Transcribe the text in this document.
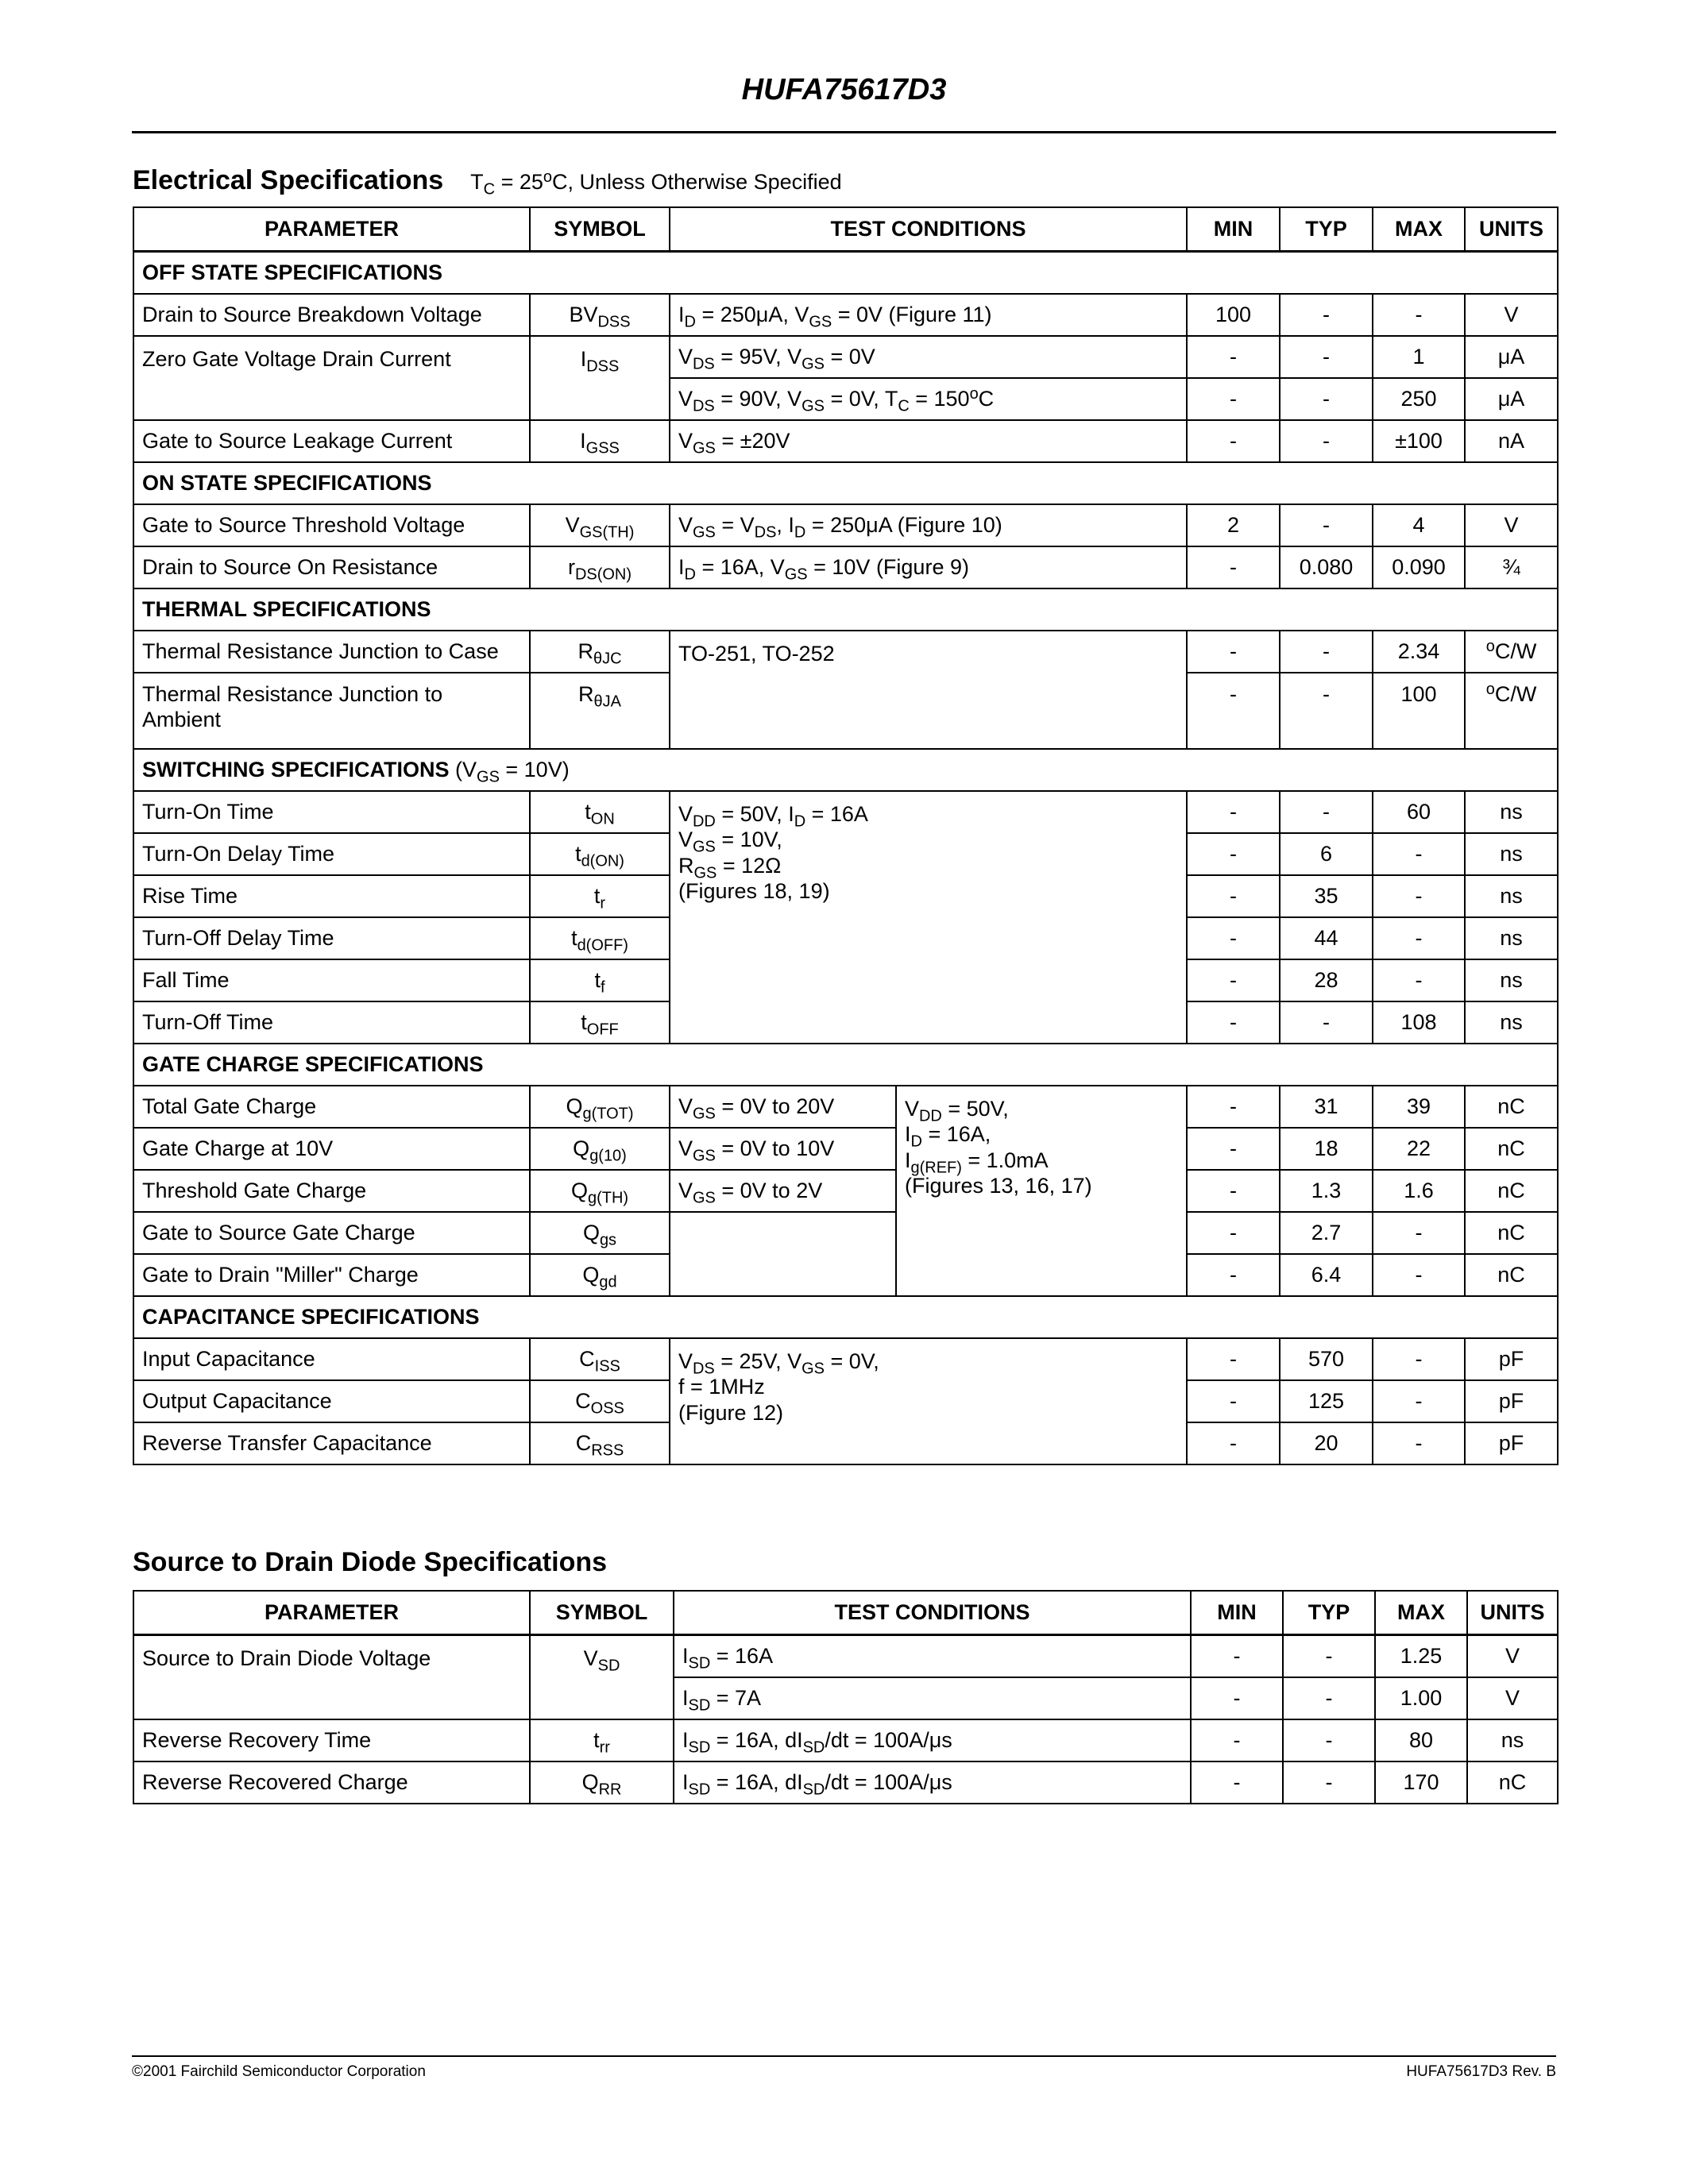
HUFA75617D3
Electrical Specifications $T_C = 25^oC$, Unless Otherwise Specified
PARAMETER	SYMBOL	TEST CONDITIONS		MIN	TYP	MAX	UNITS
OFF STATE SPECIFICATIONS							
Drain to Source Breakdown Voltage	$BV_{DSS}$	$I_D = 250\mu A$, $V_{GS} = 0V$ (Figure 11)		100	-	-	V
Zero Gate Voltage Drain Current	$I_{DSS}$	$V_{DS} = 95V$, $V_{GS} = 0V$		-	-	1	μA
		$V_{DS} = 90V$, $V_{GS} = 0V$, $T_C = 150^oC$		-	-	250	μA
Gate to Source Leakage Current	$I_{GSS}$	$V_{GS} = \pm 20V$		-	-	±100	nA
ON STATE SPECIFICATIONS							
Gate to Source Threshold Voltage	$V_{GS(TH)}$	$V_{GS} = V_{DS}$, $I_D = 250\mu A$ (Figure 10)		2	-	4	V
Drain to Source On Resistance	$r_{DS(ON)}$	$I_D = 16A$, $V_{GS} = 10V$ (Figure 9)		-	0.080	0.090	¾
THERMAL SPECIFICATIONS							
Thermal Resistance Junction to Case	$R_{\theta JC}$	TO-251, TO-252		-	-	2.34	$^o$C/W
Thermal Resistance Junction to Ambient	$R_{\theta JA}$			-	-	100	$^o$C/W
SWITCHING SPECIFICATIONS $(V_{GS} = 10V)$							
Turn-On Time	$t_{ON}$	$V_{DD} = 50V$, $I_D = 16A$
$V_{GS} = 10V$,
$R_{GS} = 12\Omega$
(Figures 18, 19)		-	-	60	ns
Turn-On Delay Time	$t_{d(ON)}$			-	6	-	ns
Rise Time	$t_r$			-	35	-	ns
Turn-Off Delay Time	$t_{d(OFF)}$			-	44	-	ns
Fall Time	$t_f$			-	28	-	ns
Turn-Off Time	$t_{OFF}$			-	-	108	ns
GATE CHARGE SPECIFICATIONS							
Total Gate Charge	$Q_{g(TOT)}$	$V_{GS} = 0V$ to 20V	$V_{DD} = 50V$,
$I_D = 16A$,
$I_{g(REF)} = 1.0mA$
(Figures 13, 16, 17)	-	31	39	nC
Gate Charge at 10V	$Q_{g(10)}$	$V_{GS} = 0V$ to 10V		-	18	22	nC
Threshold Gate Charge	$Q_{g(TH)}$	$V_{GS} = 0V$ to 2V		-	1.3	1.6	nC
Gate to Source Gate Charge	$Q_{gs}$			-	2.7	-	nC
Gate to Drain "Miller" Charge	$Q_{gd}$			-	6.4	-	nC
CAPACITANCE SPECIFICATIONS							
Input Capacitance	$C_{ISS}$	$V_{DS} = 25V$, $V_{GS} = 0V$,
f = 1MHz
(Figure 12)		-	570	-	pF
Output Capacitance	$C_{OSS}$			-	125	-	pF
Reverse Transfer Capacitance	$C_{RSS}$			-	20	-	pF
Source to Drain Diode Specifications
PARAMETER	SYMBOL	TEST CONDITIONS	MIN	TYP	MAX	UNITS
Source to Drain Diode Voltage	$V_{SD}$	$I_{SD} = 16A$	-	-	1.25	V
		$I_{SD} = 7A$	-	-	1.00	V
Reverse Recovery Time	$t_{rr}$	$I_{SD} = 16A$, $dI_{SD}/dt = 100A/\mu s$	-	-	80	ns
Reverse Recovered Charge	$Q_{RR}$	$I_{SD} = 16A$, $dI_{SD}/dt = 100A/\mu s$	-	-	170	nC
©2001 Fairchild Semiconductor Corporation	HUFA75617D3 Rev. B
